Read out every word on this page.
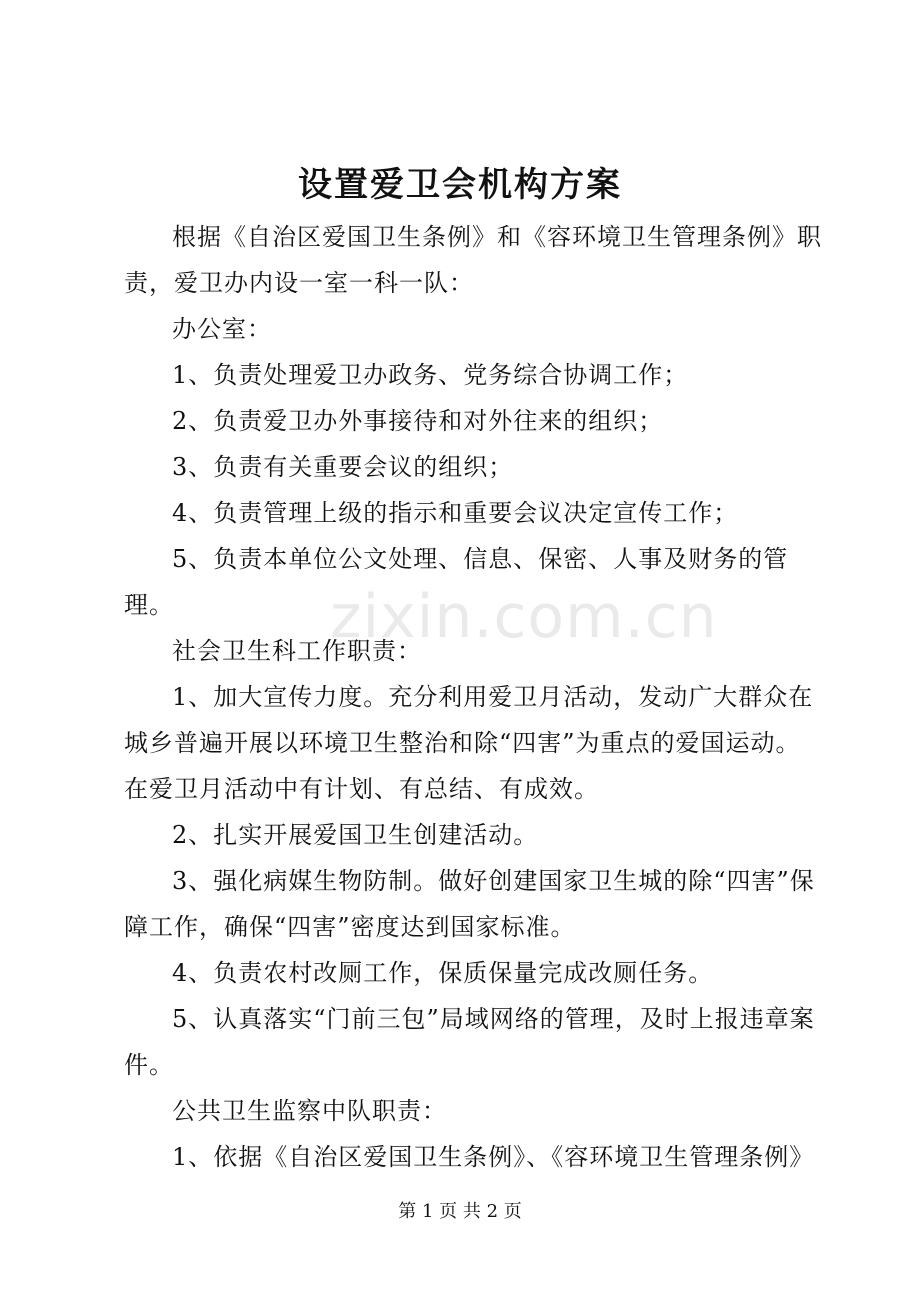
设置爱卫会机构方案

根据《自治区爱国卫生条例》和《容环境卫生管理条例》职责，爱卫办内设一室一科一队：

办公室：

1、负责处理爱卫办政务、党务综合协调工作；

2、负责爱卫办外事接待和对外往来的组织；

3、负责有关重要会议的组织；

4、负责管理上级的指示和重要会议决定宣传工作；

5、负责本单位公文处理、信息、保密、人事及财务的管理。

社会卫生科工作职责：

1、加大宣传力度。充分利用爱卫月活动，发动广大群众在城乡普遍开展以环境卫生整治和除“四害”为重点的爱国运动。在爱卫月活动中有计划、有总结、有成效。

2、扎实开展爱国卫生创建活动。

3、强化病媒生物防制。做好创建国家卫生城的除“四害”保障工作，确保“四害”密度达到国家标准。

4、负责农村改厕工作，保质保量完成改厕任务。

5、认真落实“门前三包”局域网络的管理，及时上报违章案件。

公共卫生监察中队职责：

1、依据《自治区爱国卫生条例》、《容环境卫生管理条例》

zixin.com.cn
第 1 页 共 2 页
